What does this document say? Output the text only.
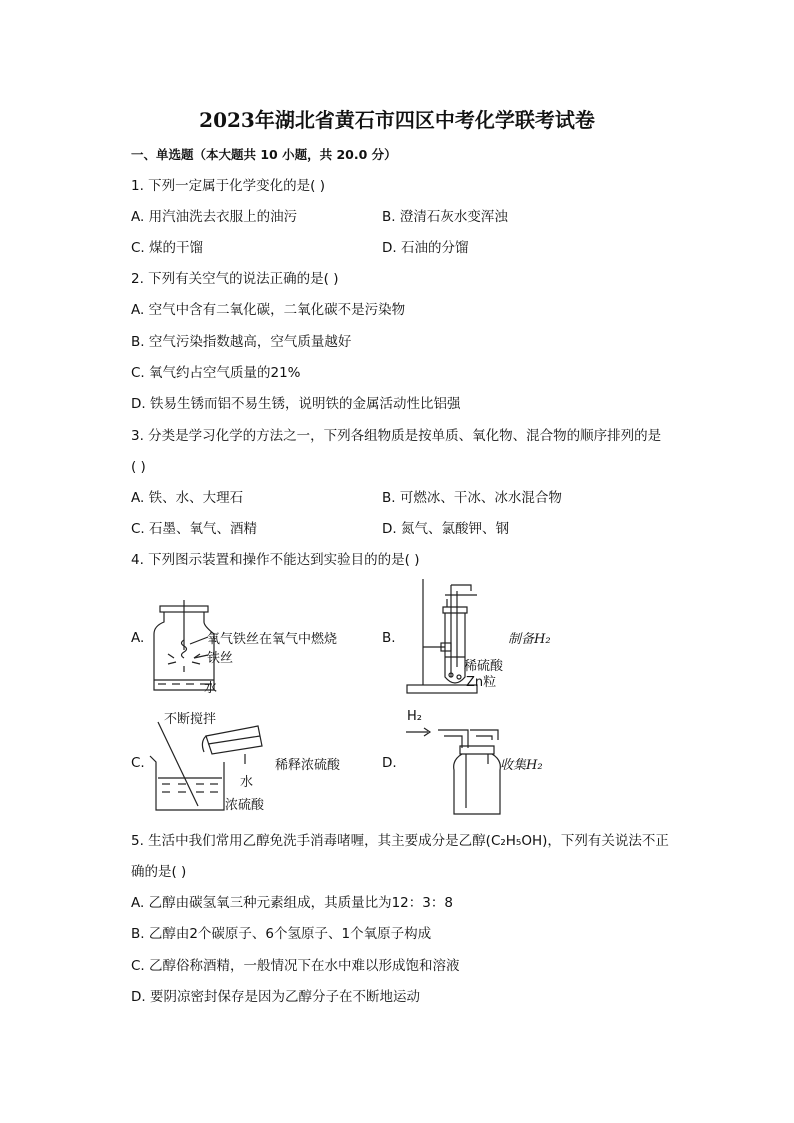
2023年湖北省黄石市四区中考化学联考试卷
一、单选题（本大题共 10 小题，共 20.0 分）
1. 下列一定属于化学变化的是( )
A. 用汽油洗去衣服上的油污	B. 澄清石灰水变浑浊
C. 煤的干馏	D. 石油的分馏
2. 下列有关空气的说法正确的是( )
A. 空气中含有二氧化碳，二氧化碳不是污染物
B. 空气污染指数越高，空气质量越好
C. 氧气约占空气质量的21%
D. 铁易生锈而铝不易生锈，说明铁的金属活动性比铝强
3. 分类是学习化学的方法之一，下列各组物质是按单质、氧化物、混合物的顺序排列的是
( )
A. 铁、水、大理石	B. 可燃冰、干冰、冰水混合物
C. 石墨、氧气、酒精	D. 氮气、氯酸钾、钢
4. 下列图示装置和操作不能达到实验目的的是( )
A.	氧气铁丝在氧气中燃烧
铁丝
水
B.	制备H₂
稀硫酸
Zn粒
C.
不断搅拌
稀释浓硫酸
水
浓硫酸
D.
H₂
收集H₂
5. 生活中我们常用乙醇免洗手消毒啫喱，其主要成分是乙醇(C₂H₅OH)，下列有关说法不正
确的是( )
A. 乙醇由碳氢氧三种元素组成，其质量比为12：3：8
B. 乙醇由2个碳原子、6个氢原子、1个氧原子构成
C. 乙醇俗称酒精，一般情况下在水中难以形成饱和溶液
D. 要阴凉密封保存是因为乙醇分子在不断地运动
